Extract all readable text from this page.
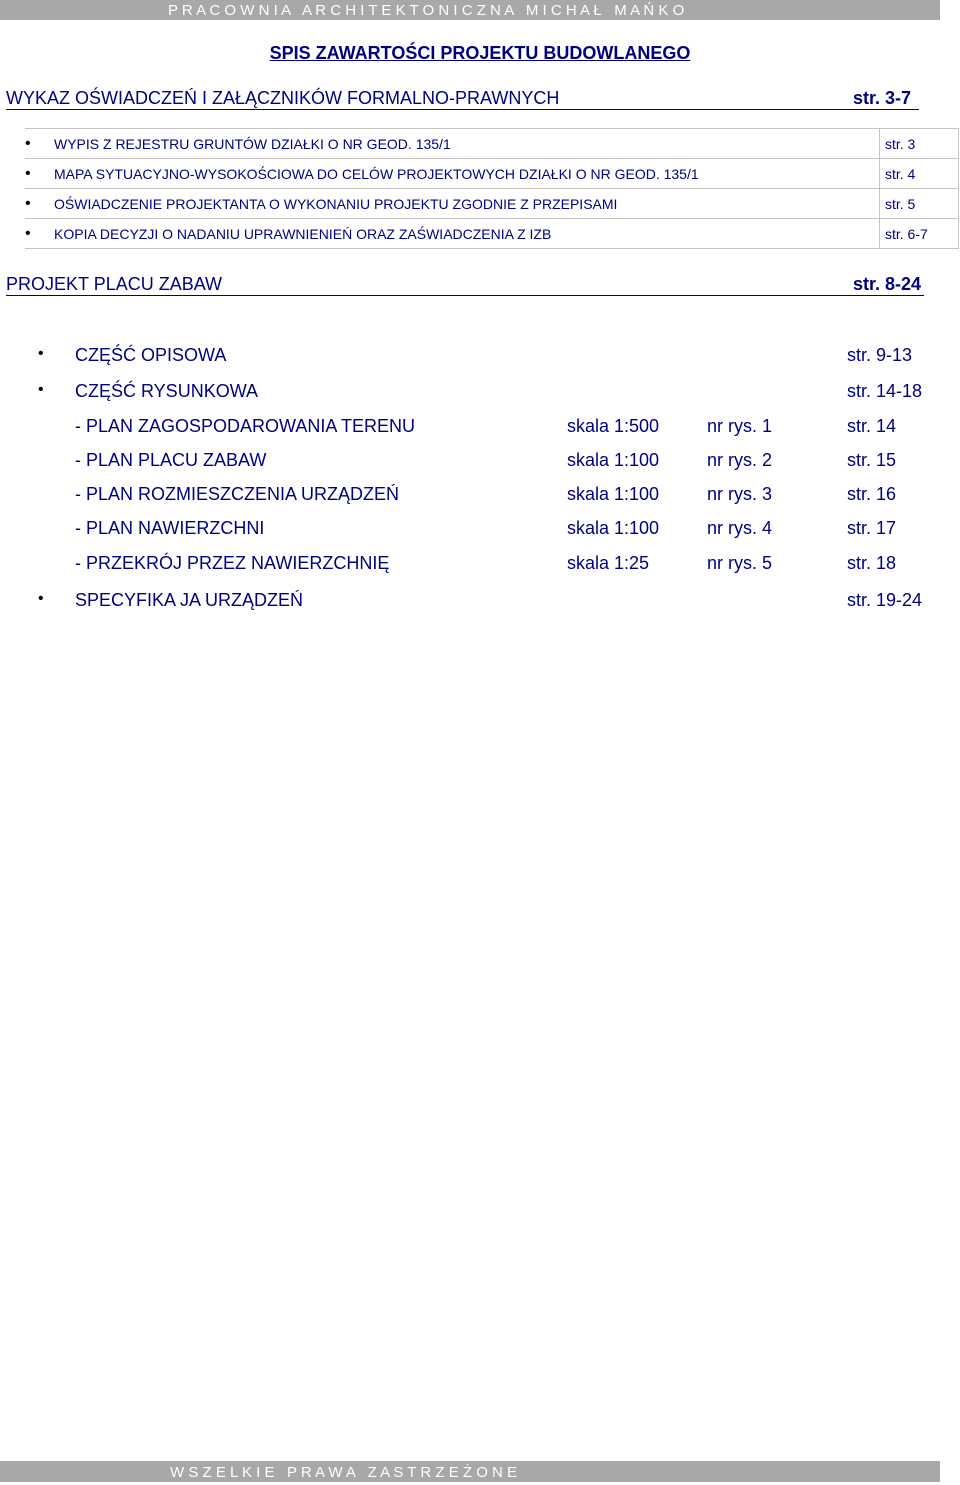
P R A C O W N I A   A R C H I T E K T O N I C Z N A   M I C H A Ł   M A Ń K O
SPIS ZAWARTOŚCI PROJEKTU BUDOWLANEGO
WYKAZ OŚWIADCZEŃ I ZAŁĄCZNIKÓW FORMALNO-PRAWNYCH	str. 3-7
•	WYPIS Z REJESTRU GRUNTÓW DZIAŁKI O NR GEOD. 135/1	str. 3
•	MAPA SYTUACYJNO-WYSOKOŚCIOWA DO CELÓW PROJEKTOWYCH DZIAŁKI O NR GEOD. 135/1	str. 4
•	OŚWIADCZENIE PROJEKTANTA O WYKONANIU PROJEKTU ZGODNIE Z PRZEPISAMI	str. 5
•	KOPIA DECYZJI O NADANIU UPRAWNIENIEŃ ORAZ ZAŚWIADCZENIA Z IZB	str. 6-7
PROJEKT PLACU ZABAW	str. 8-24
• CZĘŚĆ OPISOWA	str. 9-13
• CZĘŚĆ RYSUNKOWA	str. 14-18
- PLAN ZAGOSPODAROWANIA TERENU	skala 1:500	nr rys. 1	str. 14
- PLAN PLACU ZABAW	skala 1:100	nr rys. 2	str. 15
- PLAN ROZMIESZCZENIA URZĄDZEŃ	skala 1:100	nr rys. 3	str. 16
- PLAN NAWIERZCHNI	skala 1:100	nr rys. 4	str. 17
- PRZEKRÓJ PRZEZ NAWIERZCHNIĘ	skala 1:25	nr rys. 5	str. 18
• SPECYFIKA JA URZĄDZEŃ	str. 19-24
W S Z E L K I E   P R A W A   Z A S T R Z E Ż O N E
